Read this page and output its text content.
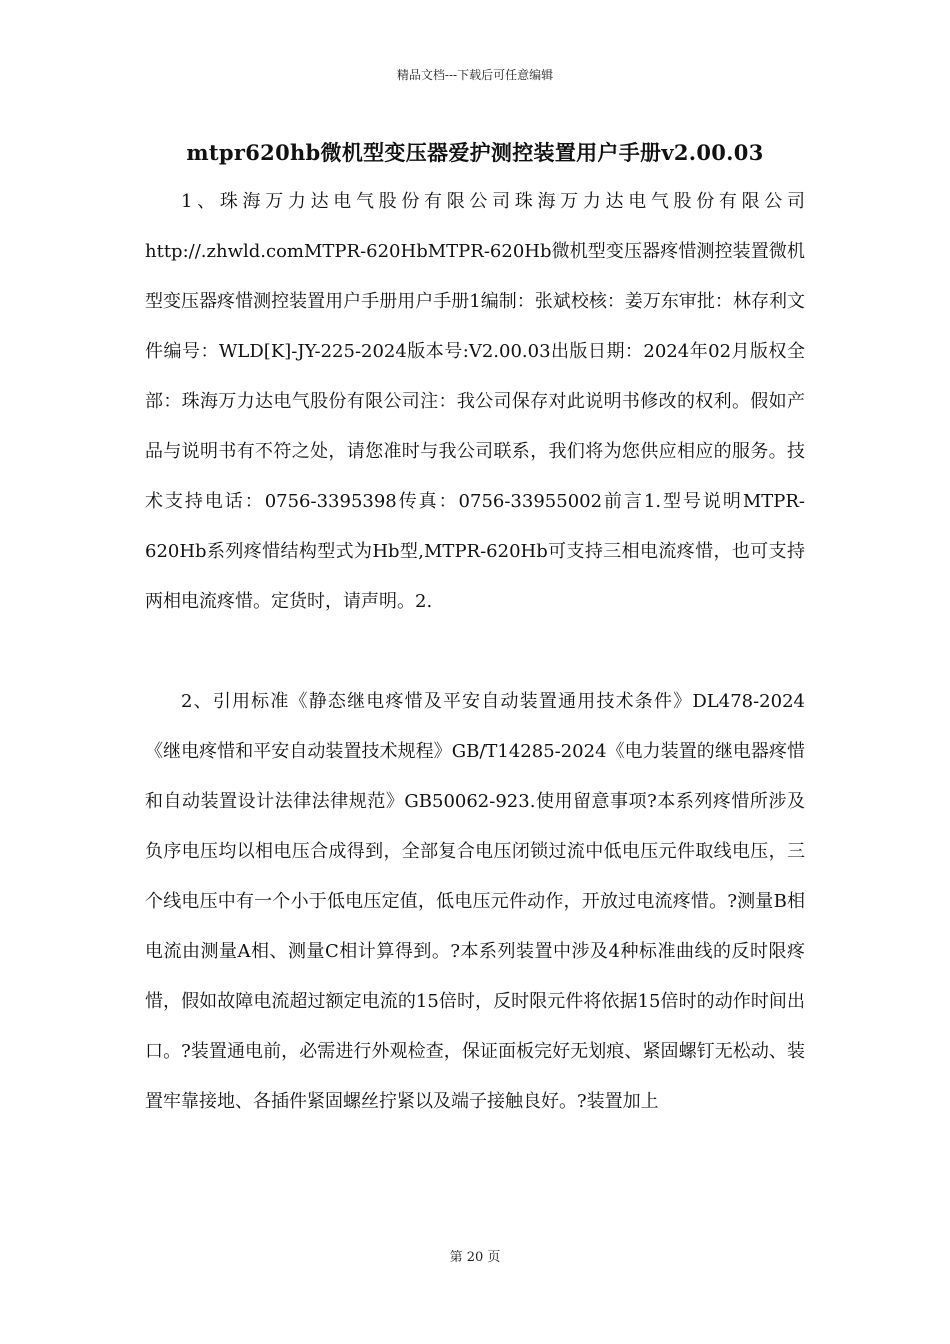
精品文档---下载后可任意编辑
mtpr620hb微机型变压器爱护测控装置用户手册v2.00.03

1、珠海万力达电气股份有限公司珠海万力达电气股份有限公司http://.zhwld.comMTPR-620HbMTPR-620Hb微机型变压器疼惜测控装置微机型变压器疼惜测控装置用户手册用户手册1编制：张斌校核：姜万东审批：林存利文件编号：WLD[K]-JY-225-2024版本号:V2.00.03出版日期：2024年02月版权全部：珠海万力达电气股份有限公司注：我公司保存对此说明书修改的权利。假如产品与说明书有不符之处，请您准时与我公司联系，我们将为您供应相应的服务。技术支持电话：0756-3395398传真：0756-33955002前言1.型号说明MTPR-620Hb系列疼惜结构型式为Hb型,MTPR-620Hb可支持三相电流疼惜，也可支持两相电流疼惜。定货时，请声明。2.

2、引用标准《静态继电疼惜及平安自动装置通用技术条件》DL478-2024《继电疼惜和平安自动装置技术规程》GB/T14285-2024《电力装置的继电器疼惜和自动装置设计法律法律规范》GB50062-923.使用留意事项?本系列疼惜所涉及负序电压均以相电压合成得到，全部复合电压闭锁过流中低电压元件取线电压，三个线电压中有一个小于低电压定值，低电压元件动作，开放过电流疼惜。?测量B相电流由测量A相、测量C相计算得到。?本系列装置中涉及4种标准曲线的反时限疼惜，假如故障电流超过额定电流的15倍时，反时限元件将依据15倍时的动作时间出口。?装置通电前，必需进行外观检查，保证面板完好无划痕、紧固螺钉无松动、装置牢靠接地、各插件紧固螺丝拧紧以及端子接触良好。?装置加上

第 20 页
